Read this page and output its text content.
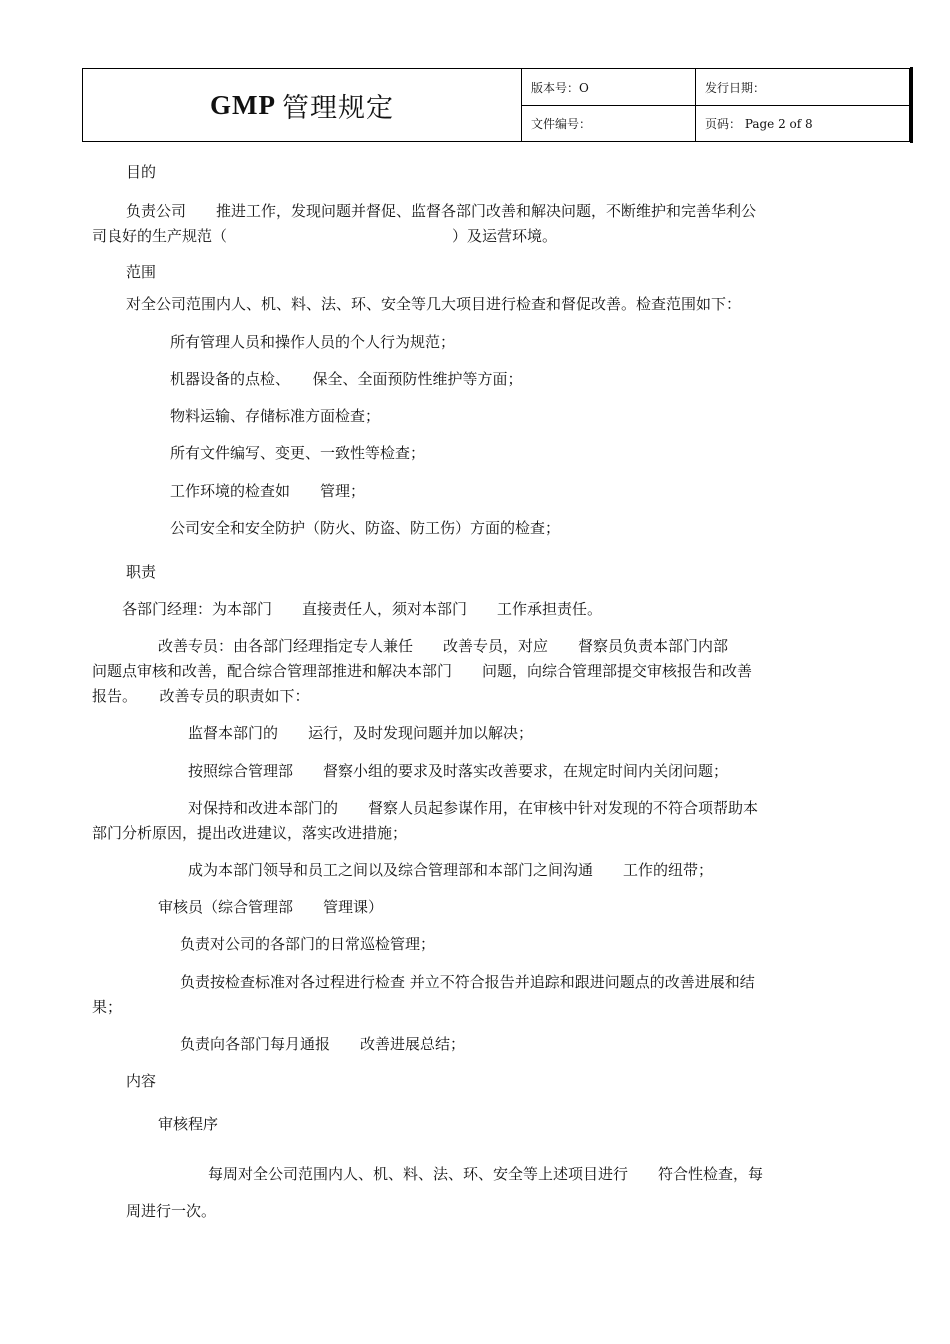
GMP 管理规定
版本号：O	发行日期：
文件编号：	页码： Page 2 of 8
目的
负责公司　　推进工作，发现问题并督促、监督各部门改善和解决问题，不断维护和完善华利公
司良好的生产规范（　　　　　　　　　　　　　　　）及运营环境。
范围
对全公司范围内人、机、料、法、环、安全等几大项目进行检查和督促改善。检查范围如下：
所有管理人员和操作人员的个人行为规范；
机器设备的点检、　　保全、全面预防性维护等方面；
物料运输、存储标准方面检查；
所有文件编写、变更、一致性等检查；
工作环境的检查如　　管理；
公司安全和安全防护（防火、防盗、防工伤）方面的检查；
职责
各部门经理：为本部门　　直接责任人，须对本部门　　工作承担责任。
改善专员：由各部门经理指定专人兼任　　改善专员，对应　　督察员负责本部门内部
问题点审核和改善，配合综合管理部推进和解决本部门　　问题，向综合管理部提交审核报告和改善
报告。　　改善专员的职责如下：
监督本部门的　　运行，及时发现问题并加以解决；
按照综合管理部　　督察小组的要求及时落实改善要求，在规定时间内关闭问题；
对保持和改进本部门的　　督察人员起参谋作用，在审核中针对发现的不符合项帮助本
部门分析原因，提出改进建议，落实改进措施；
成为本部门领导和员工之间以及综合管理部和本部门之间沟通　　工作的纽带；
审核员（综合管理部　　管理课）
负责对公司的各部门的日常巡检管理；
负责按检查标准对各过程进行检查 并立不符合报告并追踪和跟进问题点的改善进展和结
果；
负责向各部门每月通报　　改善进展总结；
内容
审核程序
每周对全公司范围内人、机、料、法、环、安全等上述项目进行　　符合性检查，每
周进行一次。
